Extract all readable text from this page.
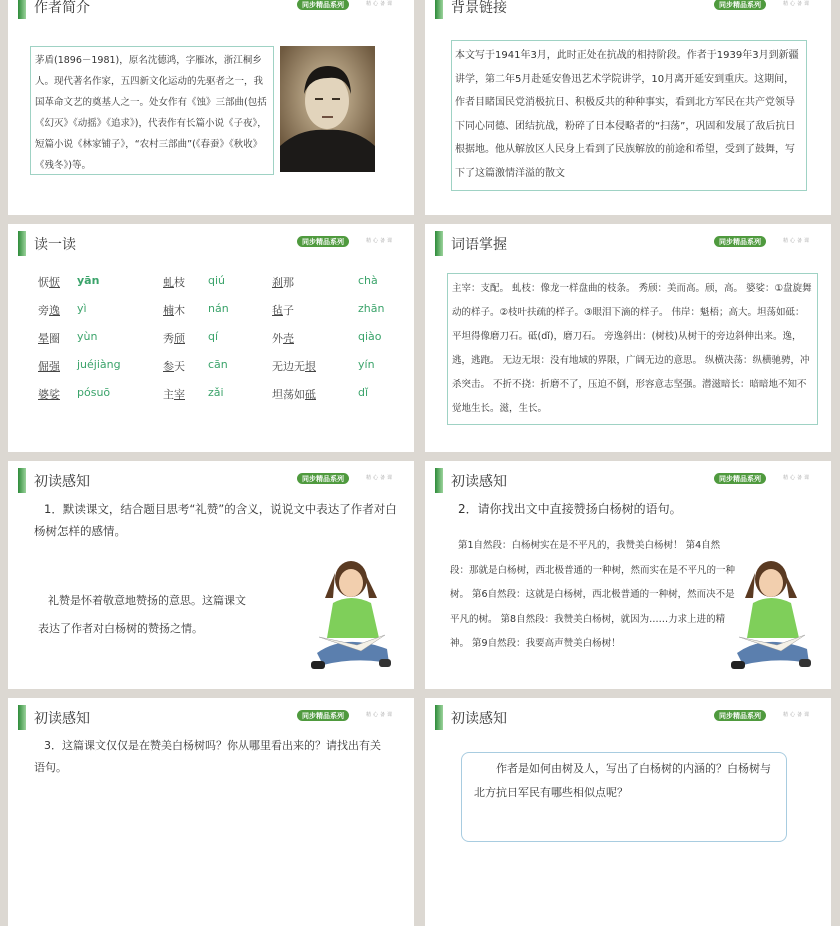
作者简介	同步精品系列	精心备课
茅盾(1896－1981)，原名沈德鸿，字雁冰，浙江桐乡人。现代著名作家，五四新文化运动的先驱者之一，我国革命文艺的奠基人之一。处女作有《蚀》三部曲(包括《幻灭》《动摇》《追求》)，代表作有长篇小说《子夜》，短篇小说《林家铺子》，“农村三部曲”(《春蚕》《秋收》《残冬》)等。
背景链接	同步精品系列	精心备课
本文写于1941年3月，此时正处在抗战的相持阶段。作者于1939年3月到新疆讲学，第二年5月赴延安鲁迅艺术学院讲学，10月离开延安到重庆。这期间，作者目睹国民党消极抗日、积极反共的种种事实，看到北方军民在共产党领导下同心同德、团结抗战，粉碎了日本侵略者的“扫荡”，巩固和发展了敌后抗日根据地。他从解放区人民身上看到了民族解放的前途和希望，受到了鼓舞，写下了这篇激情洋溢的散文
读一读	同步精品系列	精心备课
恹恹 yān	虬枝 qiú	刹那	chà
旁逸 yì	楠木 nán	毡子	zhān
晕圈 yùn	秀颀 qí	外壳	qiào
倔强 juéjiàng	参天 cān	无边无垠	yín
婆娑 pósuō	主宰 zǎi	坦荡如砥	dǐ
词语掌握	同步精品系列	精心备课
主宰：支配。 虬枝：像龙一样盘曲的枝条。 秀颀：美而高。颀，高。 婆娑：①盘旋舞动的样子。②枝叶扶疏的样子。③眼泪下滴的样子。 伟岸：魁梧；高大。坦荡如砥：平坦得像磨刀石。砥(dǐ)，磨刀石。 旁逸斜出：(树枝)从树干的旁边斜伸出来。逸，逃，逃跑。 无边无垠：没有地域的界限，广阔无边的意思。 纵横决荡：纵横驰骋，冲杀突击。 不折不挠：折磨不了，压迫不倒，形容意志坚强。潜滋暗长：暗暗地不知不觉地生长。滋，生长。
初读感知	同步精品系列	精心备课
1．默读课文，结合题目思考“礼赞”的含义，说说文中表达了作者对白杨树怎样的感情。
礼赞是怀着敬意地赞扬的意思。这篇课文表达了作者对白杨树的赞扬之情。
初读感知	同步精品系列	精心备课
2．请你找出文中直接赞扬白杨树的语句。
第1自然段：白杨树实在是不平凡的，我赞美白杨树！ 第4自然段：那就是白杨树，西北极普通的一种树，然而实在是不平凡的一种树。 第6自然段：这就是白杨树，西北极普通的一种树，然而决不是平凡的树。 第8自然段：我赞美白杨树，就因为……力求上进的精神。 第9自然段：我要高声赞美白杨树！
初读感知	同步精品系列	精心备课
3．这篇课文仅仅是在赞美白杨树吗？你从哪里看出来的？请找出有关语句。
初读感知	同步精品系列	精心备课
作者是如何由树及人，写出了白杨树的内涵的？白杨树与北方抗日军民有哪些相似点呢？
